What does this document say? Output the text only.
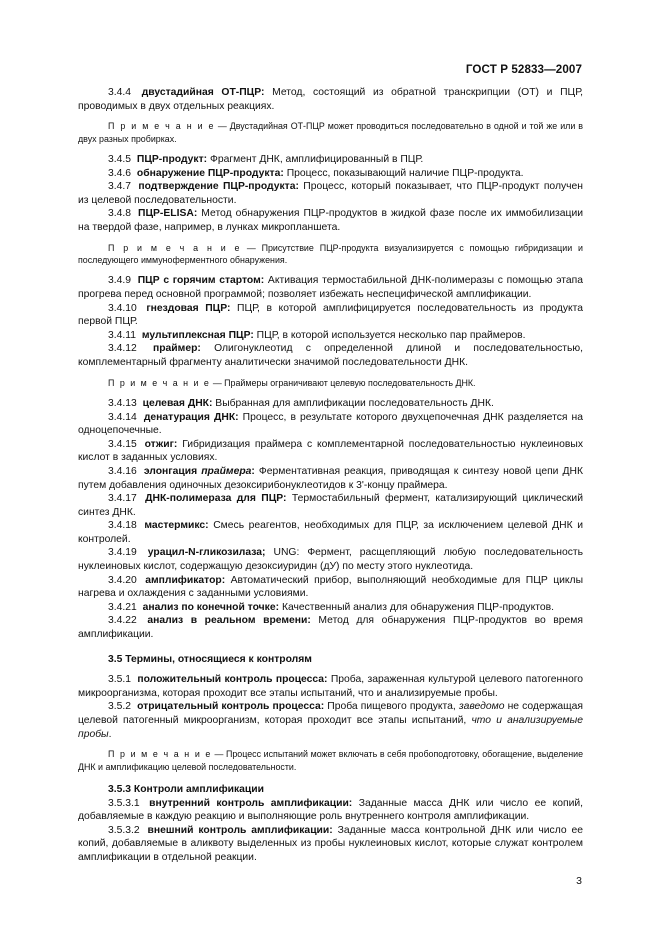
ГОСТ Р 52833—2007

3.4.4 двустадийная ОТ-ПЦР: Метод, состоящий из обратной транскрипции (ОТ) и ПЦР, проводимых в двух отдельных реакциях.

П р и м е ч а н и е — Двустадийная ОТ-ПЦР может проводиться последовательно в одной и той же или в двух разных пробирках.

3.4.5 ПЦР-продукт: Фрагмент ДНК, амплифицированный в ПЦР.

3.4.6 обнаружение ПЦР-продукта: Процесс, показывающий наличие ПЦР-продукта.

3.4.7 подтверждение ПЦР-продукта: Процесс, который показывает, что ПЦР-продукт получен из целевой последовательности.

3.4.8 ПЦР-ELISA: Метод обнаружения ПЦР-продуктов в жидкой фазе после их иммобилизации на твердой фазе, например, в лунках микропланшета.

П р и м е ч а н и е — Присутствие ПЦР-продукта визуализируется с помощью гибридизации и последующего иммуноферментного обнаружения.

3.4.9 ПЦР с горячим стартом: Активация термостабильной ДНК-полимеразы с помощью этапа прогрева перед основной программой; позволяет избежать неспецифической амплификации.

3.4.10 гнездовая ПЦР: ПЦР, в которой амплифицируется последовательность из продукта первой ПЦР.

3.4.11 мультиплексная ПЦР: ПЦР, в которой используется несколько пар праймеров.

3.4.12 праймер: Олигонуклеотид с определенной длиной и последовательностью, комплементарный фрагменту аналитически значимой последовательности ДНК.

П р и м е ч а н и е — Праймеры ограничивают целевую последовательность ДНК.

3.4.13 целевая ДНК: Выбранная для амплификации последовательность ДНК.

3.4.14 денатурация ДНК: Процесс, в результате которого двухцепочечная ДНК разделяется на одноцепочечные.

3.4.15 отжиг: Гибридизация праймера с комплементарной последовательностью нуклеиновых кислот в заданных условиях.

3.4.16 элонгация праймера: Ферментативная реакция, приводящая к синтезу новой цепи ДНК путем добавления одиночных дезоксирибонуклеотидов к 3'-концу праймера.

3.4.17 ДНК-полимераза для ПЦР: Термостабильный фермент, катализирующий циклический синтез ДНК.

3.4.18 мастермикс: Смесь реагентов, необходимых для ПЦР, за исключением целевой ДНК и контролей.

3.4.19 урацил-N-гликозилаза; UNG: Фермент, расщепляющий любую последовательность нуклеиновых кислот, содержащую дезоксиуридин (дУ) по месту этого нуклеотида.

3.4.20 амплификатор: Автоматический прибор, выполняющий необходимые для ПЦР циклы нагрева и охлаждения с заданными условиями.

3.4.21 анализ по конечной точке: Качественный анализ для обнаружения ПЦР-продуктов.

3.4.22 анализ в реальном времени: Метод для обнаружения ПЦР-продуктов во время амплификации.

3.5 Термины, относящиеся к контролям

3.5.1 положительный контроль процесса: Проба, зараженная культурой целевого патогенного микроорганизма, которая проходит все этапы испытаний, что и анализируемые пробы.

3.5.2 отрицательный контроль процесса: Проба пищевого продукта, заведомо не содержащая целевой патогенный микроорганизм, которая проходит все этапы испытаний, что и анализируемые пробы.

П р и м е ч а н и е — Процесс испытаний может включать в себя пробоподготовку, обогащение, выделение ДНК и амплификацию целевой последовательности.

3.5.3 Контроли амплификации

3.5.3.1 внутренний контроль амплификации: Заданные масса ДНК или число ее копий, добавляемые в каждую реакцию и выполняющие роль внутреннего контроля амплификации.

3.5.3.2 внешний контроль амплификации: Заданные масса контрольной ДНК или число ее копий, добавляемые в аликвоту выделенных из пробы нуклеиновых кислот, которые служат контролем амплификации в отдельной реакции.

3
